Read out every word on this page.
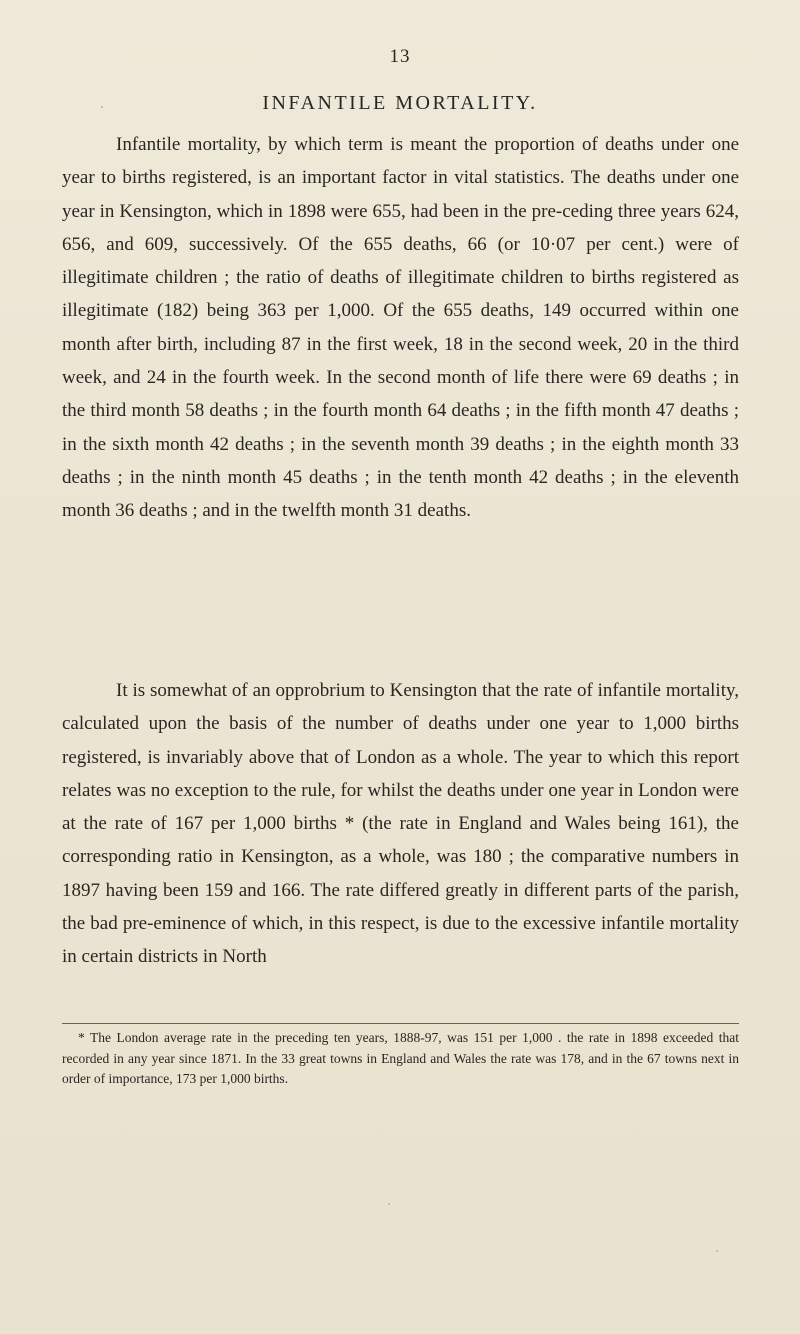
13
INFANTILE MORTALITY.

Infantile mortality, by which term is meant the proportion of deaths under one year to births registered, is an important factor in vital statistics. The deaths under one year in Kensington, which in 1898 were 655, had been in the pre-ceding three years 624, 656, and 609, successively. Of the 655 deaths, 66 (or 10·07 per cent.) were of illegitimate children ; the ratio of deaths of illegitimate children to births registered as illegitimate (182) being 363 per 1,000. Of the 655 deaths, 149 occurred within one month after birth, including 87 in the first week, 18 in the second week, 20 in the third week, and 24 in the fourth week. In the second month of life there were 69 deaths ; in the third month 58 deaths ; in the fourth month 64 deaths ; in the fifth month 47 deaths ; in the sixth month 42 deaths ; in the seventh month 39 deaths ; in the eighth month 33 deaths ; in the ninth month 45 deaths ; in the tenth month 42 deaths ; in the eleventh month 36 deaths ; and in the twelfth month 31 deaths.

It is somewhat of an opprobrium to Kensington that the rate of infantile mortality, calculated upon the basis of the number of deaths under one year to 1,000 births registered, is invariably above that of London as a whole. The year to which this report relates was no exception to the rule, for whilst the deaths under one year in London were at the rate of 167 per 1,000 births * (the rate in England and Wales being 161), the corresponding ratio in Kensington, as a whole, was 180 ; the comparative numbers in 1897 having been 159 and 166. The rate differed greatly in different parts of the parish, the bad pre-eminence of which, in this respect, is due to the excessive infantile mortality in certain districts in North

* The London average rate in the preceding ten years, 1888-97, was 151 per 1,000 . the rate in 1898 exceeded that recorded in any year since 1871. In the 33 great towns in England and Wales the rate was 178, and in the 67 towns next in order of importance, 173 per 1,000 births.
